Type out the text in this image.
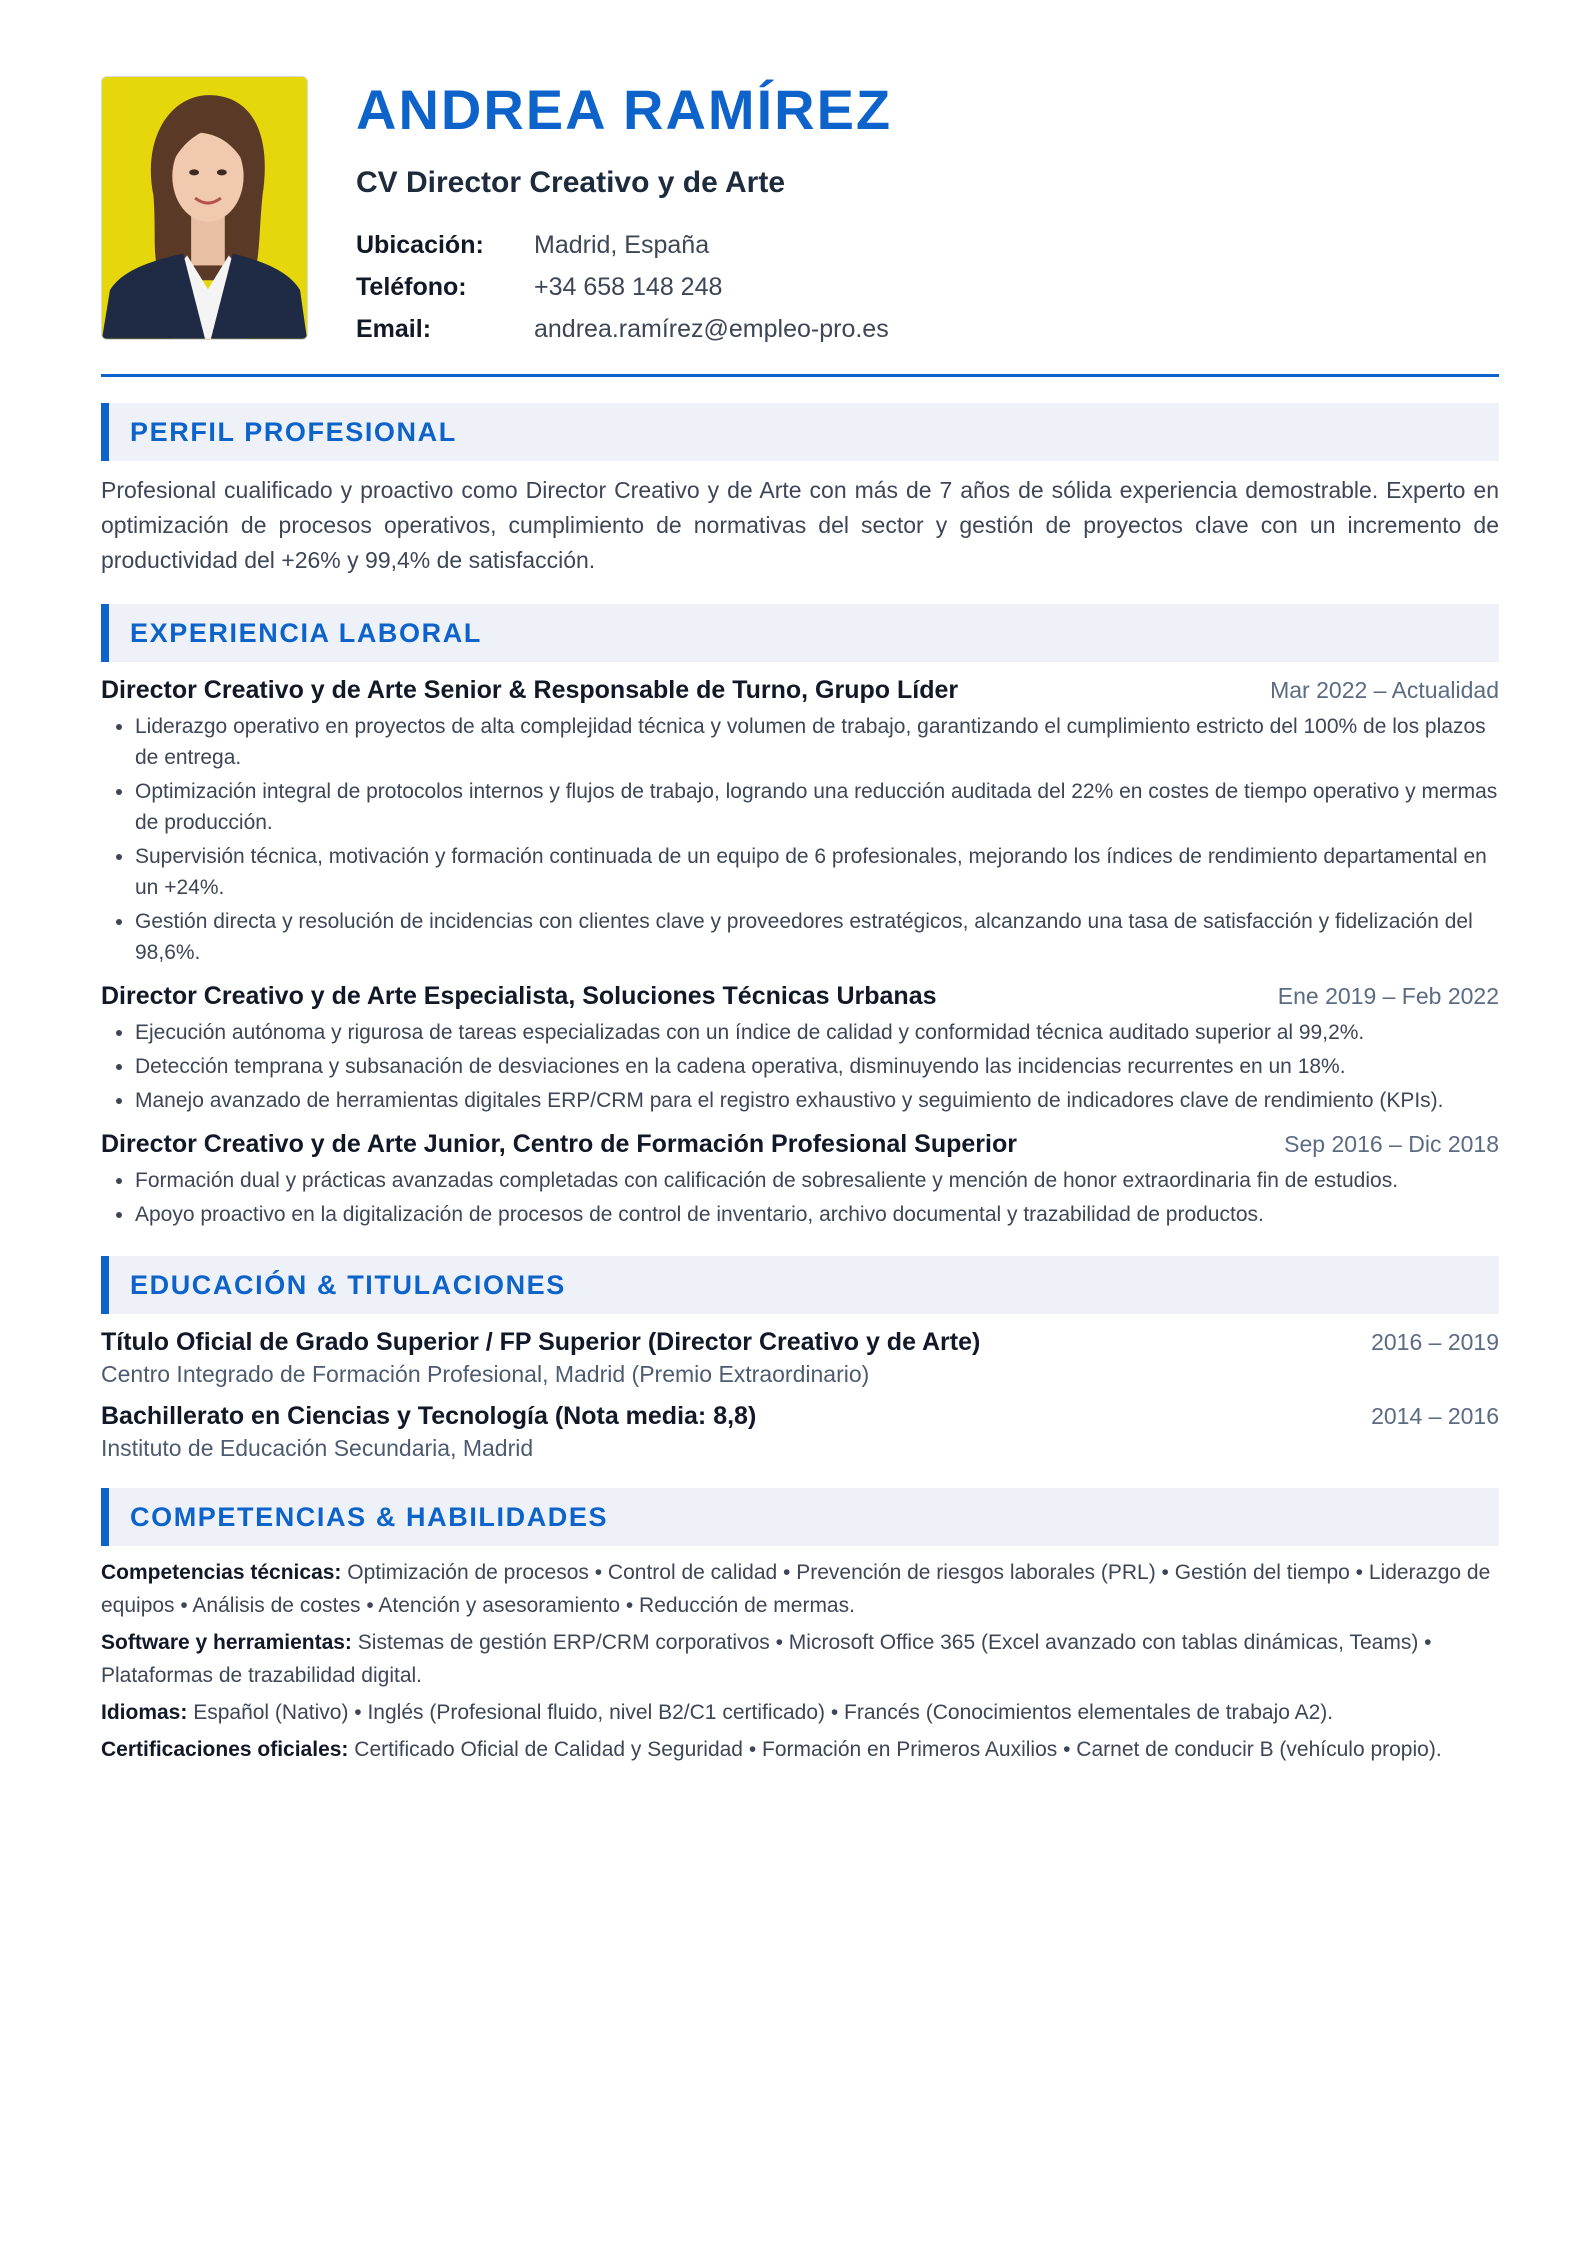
ANDREA RAMÍREZ
CV Director Creativo y de Arte
Ubicación:	Madrid, España
Teléfono:	+34 658 148 248
Email:	andrea.ramírez@empleo-pro.es
PERFIL PROFESIONAL
Profesional cualificado y proactivo como Director Creativo y de Arte con más de 7 años de sólida experiencia demostrable. Experto en optimización de procesos operativos, cumplimiento de normativas del sector y gestión de proyectos clave con un incremento de productividad del +26% y 99,4% de satisfacción.
EXPERIENCIA LABORAL
Director Creativo y de Arte Senior & Responsable de Turno, Grupo Líder	Mar 2022 – Actualidad
• Liderazgo operativo en proyectos de alta complejidad técnica y volumen de trabajo, garantizando el cumplimiento estricto del 100% de los plazos de entrega.
• Optimización integral de protocolos internos y flujos de trabajo, logrando una reducción auditada del 22% en costes de tiempo operativo y mermas de producción.
• Supervisión técnica, motivación y formación continuada de un equipo de 6 profesionales, mejorando los índices de rendimiento departamental en un +24%.
• Gestión directa y resolución de incidencias con clientes clave y proveedores estratégicos, alcanzando una tasa de satisfacción y fidelización del 98,6%.
Director Creativo y de Arte Especialista, Soluciones Técnicas Urbanas	Ene 2019 – Feb 2022
• Ejecución autónoma y rigurosa de tareas especializadas con un índice de calidad y conformidad técnica auditado superior al 99,2%.
• Detección temprana y subsanación de desviaciones en la cadena operativa, disminuyendo las incidencias recurrentes en un 18%.
• Manejo avanzado de herramientas digitales ERP/CRM para el registro exhaustivo y seguimiento de indicadores clave de rendimiento (KPIs).
Director Creativo y de Arte Junior, Centro de Formación Profesional Superior	Sep 2016 – Dic 2018
• Formación dual y prácticas avanzadas completadas con calificación de sobresaliente y mención de honor extraordinaria fin de estudios.
• Apoyo proactivo en la digitalización de procesos de control de inventario, archivo documental y trazabilidad de productos.
EDUCACIÓN & TITULACIONES
Título Oficial de Grado Superior / FP Superior (Director Creativo y de Arte)	2016 – 2019
Centro Integrado de Formación Profesional, Madrid (Premio Extraordinario)
Bachillerato en Ciencias y Tecnología (Nota media: 8,8)	2014 – 2016
Instituto de Educación Secundaria, Madrid
COMPETENCIAS & HABILIDADES
Competencias técnicas: Optimización de procesos • Control de calidad • Prevención de riesgos laborales (PRL) • Gestión del tiempo • Liderazgo de equipos • Análisis de costes • Atención y asesoramiento • Reducción de mermas.
Software y herramientas: Sistemas de gestión ERP/CRM corporativos • Microsoft Office 365 (Excel avanzado con tablas dinámicas, Teams) • Plataformas de trazabilidad digital.
Idiomas: Español (Nativo) • Inglés (Profesional fluido, nivel B2/C1 certificado) • Francés (Conocimientos elementales de trabajo A2).
Certificaciones oficiales: Certificado Oficial de Calidad y Seguridad • Formación en Primeros Auxilios • Carnet de conducir B (vehículo propio).
